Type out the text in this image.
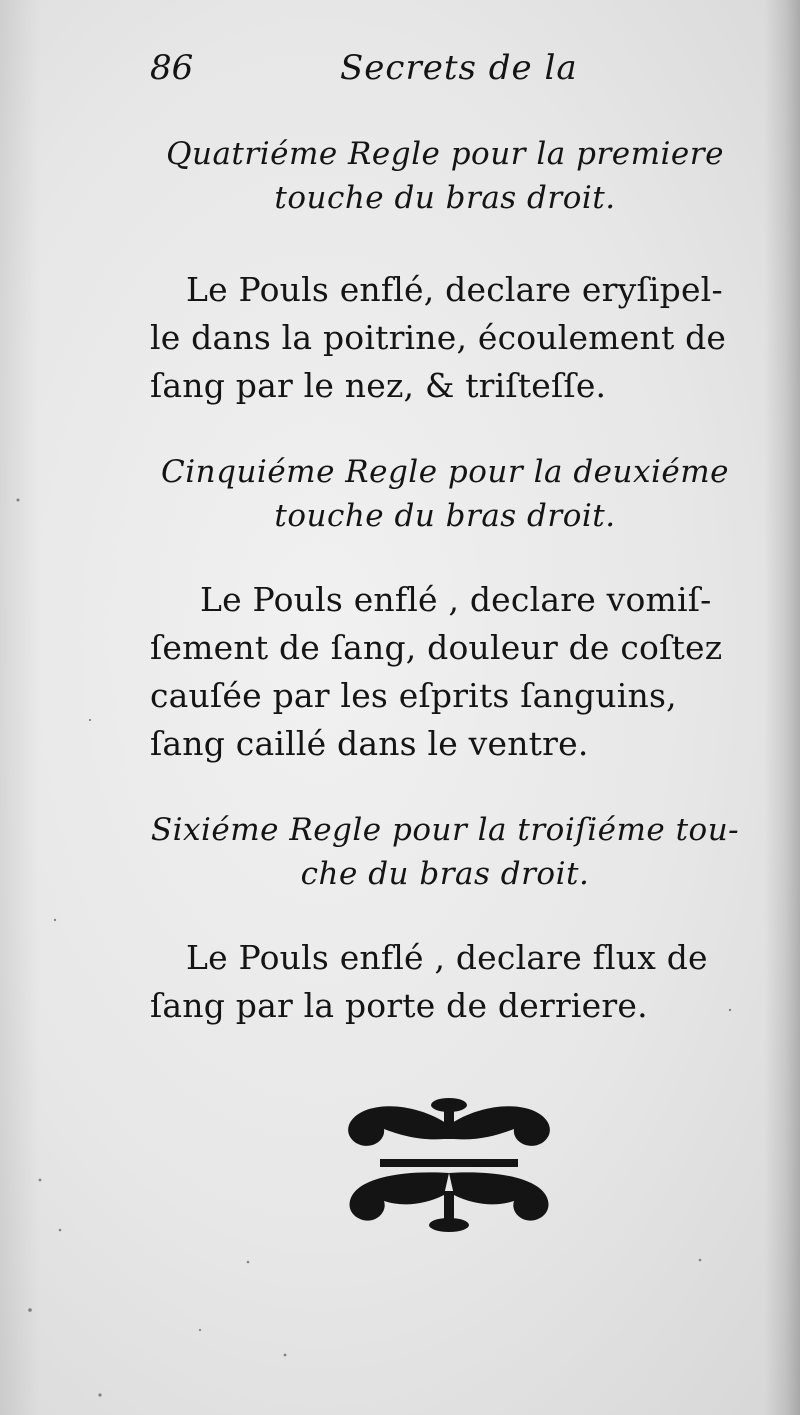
86	Secrets de la
Quatriéme Regle pour la premiere
touche du bras droit.
Le Pouls enflé, declare eryſipel-
le dans la poitrine, écoulement de
ſang par le nez, & triſteſſe.
Cinquiéme Regle pour la deuxiéme
touche du bras droit.
Le Pouls enflé , declare vomiſ-
ſement de ſang, douleur de coſtez
cauſée par les eſprits ſanguins,
ſang caillé dans le ventre.
Sixiéme Regle pour la troiſiéme tou-
che du bras droit.
Le Pouls enflé , declare flux de
ſang par la porte de derriere.
